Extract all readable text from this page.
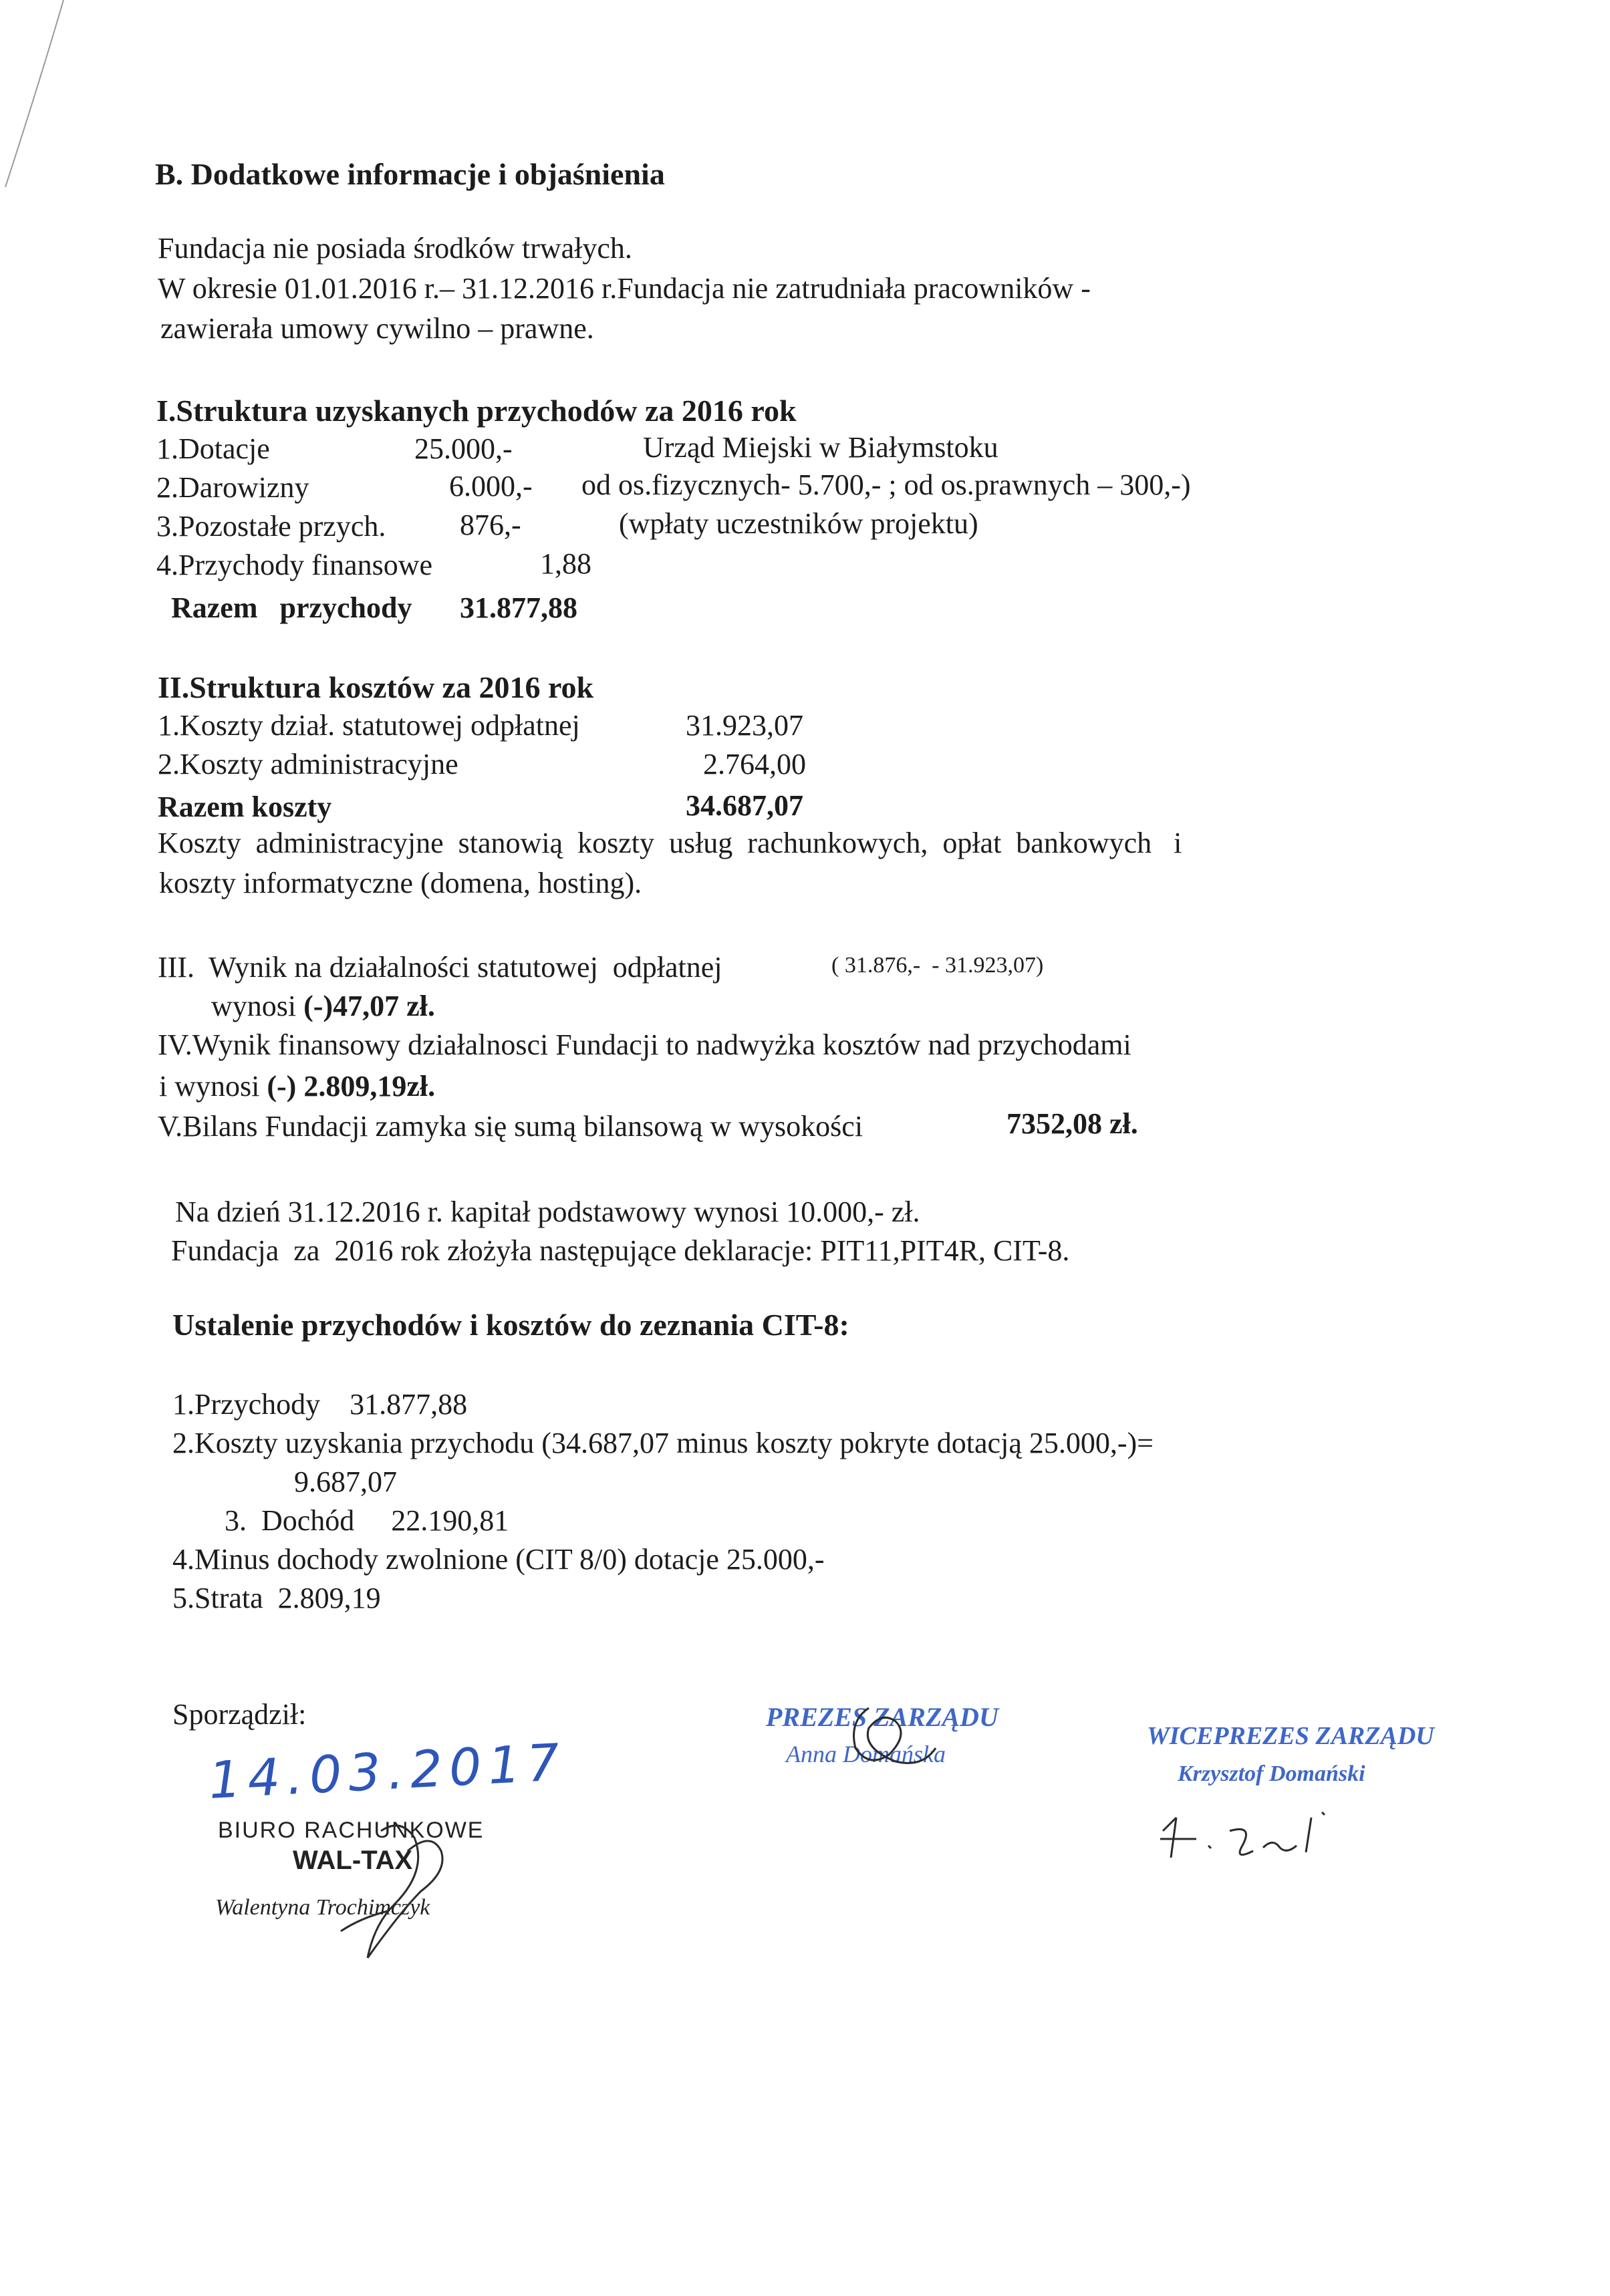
B. Dodatkowe informacje i objaśnienia
Fundacja nie posiada środków trwałych.
W okresie 01.01.2016 r.– 31.12.2016 r.Fundacja nie zatrudniała pracowników -
zawierała umowy cywilno – prawne.
I.Struktura uzyskanych przychodów za 2016 rok
1.Dotacje	25.000,-	Urząd Miejski w Białymstoku
2.Darowizny	6.000,- od os.fizycznych- 5.700,- ; od os.prawnych – 300,-)
3.Pozostałe przych.	876,-	(wpłaty uczestników projektu)
4.Przychody finansowe	1,88
Razem   przychody 31.877,88
II.Struktura kosztów za 2016 rok
1.Koszty dział. statutowej odpłatnej	31.923,07
2.Koszty administracyjne	2.764,00
Razem koszty	34.687,07
Koszty  administracyjne  stanowią  koszty  usług  rachunkowych,  opłat  bankowych   i
koszty informatyczne (domena, hosting).
III.  Wynik na działalności statutowej  odpłatnej	( 31.876,-  - 31.923,07)
wynosi (-)47,07 zł.
IV.Wynik finansowy działalnosci Fundacji to nadwyżka kosztów nad przychodami
i wynosi (-) 2.809,19zł.
V.Bilans Fundacji zamyka się sumą bilansową w wysokości	7352,08 zł.
Na dzień 31.12.2016 r. kapitał podstawowy wynosi 10.000,- zł.
Fundacja  za  2016 rok złożyła następujące deklaracje: PIT11,PIT4R, CIT-8.
Ustalenie przychodów i kosztów do zeznania CIT-8:
1.Przychody    31.877,88
2.Koszty uzyskania przychodu (34.687,07 minus koszty pokryte dotacją 25.000,-)=
9.687,07
3.  Dochód     22.190,81
4.Minus dochody zwolnione (CIT 8/0) dotacje 25.000,-
5.Strata  2.809,19
Sporządził:
14.03.2017
BIURO RACHUNKOWE
WAL-TAX
Walentyna Trochimczyk
PREZES ZARZĄDU
Anna Domańska
WICEPREZES ZARZĄDU
Krzysztof Domański
